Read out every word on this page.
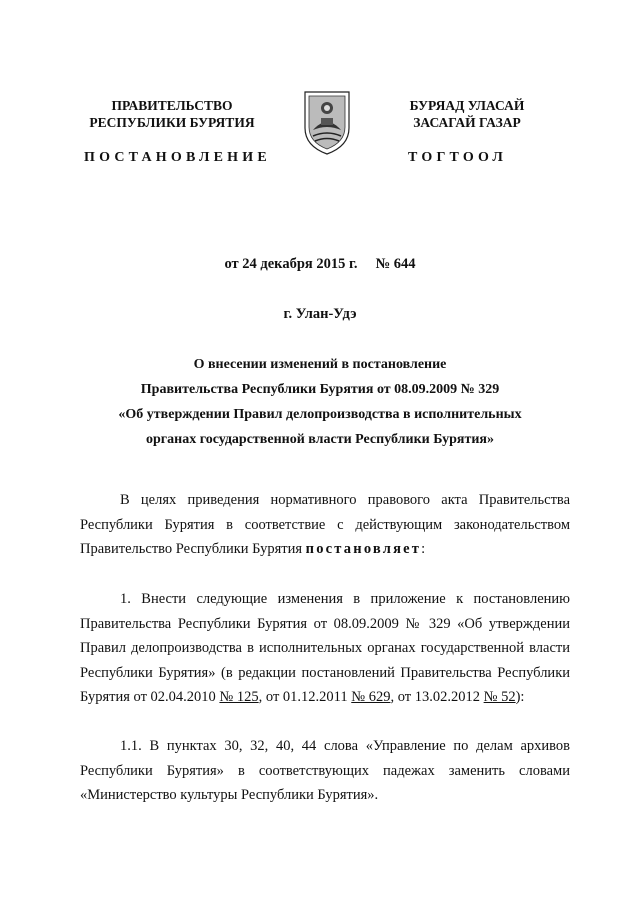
ПРАВИТЕЛЬСТВО
РЕСПУБЛИКИ БУРЯТИЯ
ПОСТАНОВЛЕНИЕ
БУРЯАД УЛАСАЙ
ЗАСАГАЙ ГАЗАР
ТОГТООЛ
от 24 декабря 2015 г. № 644
г. Улан-Удэ
О внесении изменений в постановление
Правительства Республики Бурятия от 08.09.2009 № 329
«Об утверждении Правил делопроизводства в исполнительных
органах государственной власти Республики Бурятия»
В целях приведения нормативного правового акта Правительства Республики Бурятия в соответствие с действующим законодательством Правительство Республики Бурятия постановляет:
1. Внести следующие изменения в приложение к постановлению Правительства Республики Бурятия от 08.09.2009 № 329 «Об утверждении Правил делопроизводства в исполнительных органах государственной власти Республики Бурятия» (в редакции постановлений Правительства Республики Бурятия от 02.04.2010 № 125, от 01.12.2011 № 629, от 13.02.2012 № 52):
1.1. В пунктах 30, 32, 40, 44 слова «Управление по делам архивов Республики Бурятия» в соответствующих падежах заменить словами «Министерство культуры Республики Бурятия».
